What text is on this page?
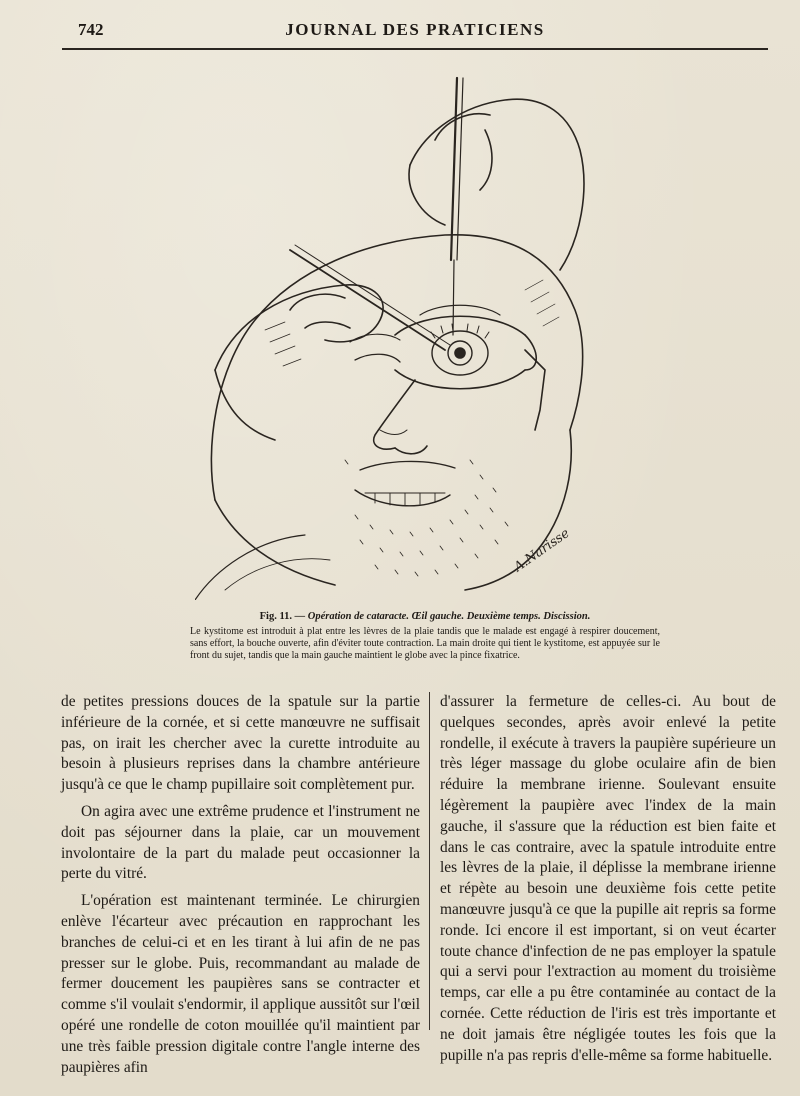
742	JOURNAL DES PRATICIENS
A.Narisse
Fig. 11. — Opération de cataracte. Œil gauche. Deuxième temps. Discission.
Le kystitome est introduit à plat entre les lèvres de la plaie tandis que le malade est engagé à respirer doucement, sans effort, la bouche ouverte, afin d'éviter toute contraction. La main droite qui tient le kystitome, est appuyée sur le front du sujet, tandis que la main gauche maintient le globe avec la pince fixatrice.

de petites pressions douces de la spatule sur la partie inférieure de la cornée, et si cette manœuvre ne suffisait pas, on irait les chercher avec la curette introduite au besoin à plusieurs reprises dans la chambre antérieure jusqu'à ce que le champ pupillaire soit complètement pur.

On agira avec une extrême prudence et l'instrument ne doit pas séjourner dans la plaie, car un mouvement involontaire de la part du malade peut occasionner la perte du vitré.

L'opération est maintenant terminée. Le chirurgien enlève l'écarteur avec précaution en rapprochant les branches de celui-ci et en les tirant à lui afin de ne pas presser sur le globe. Puis, recommandant au malade de fermer doucement les paupières sans se contracter et comme s'il voulait s'endormir, il applique aussitôt sur l'œil opéré une rondelle de coton mouillée qu'il maintient par une très faible pression digitale contre l'angle interne des paupières afin

d'assurer la fermeture de celles-ci. Au bout de quelques secondes, après avoir enlevé la petite rondelle, il exécute à travers la paupière supérieure un très léger massage du globe oculaire afin de bien réduire la membrane irienne. Soulevant ensuite légèrement la paupière avec l'index de la main gauche, il s'assure que la réduction est bien faite et dans le cas contraire, avec la spatule introduite entre les lèvres de la plaie, il déplisse la membrane irienne et répète au besoin une deuxième fois cette petite manœuvre jusqu'à ce que la pupille ait repris sa forme ronde. Ici encore il est important, si on veut écarter toute chance d'infection de ne pas employer la spatule qui a servi pour l'extraction au moment du troisième temps, car elle a pu être contaminée au contact de la cornée. Cette réduction de l'iris est très importante et ne doit jamais être négligée toutes les fois que la pupille n'a pas repris d'elle-même sa forme habituelle.
